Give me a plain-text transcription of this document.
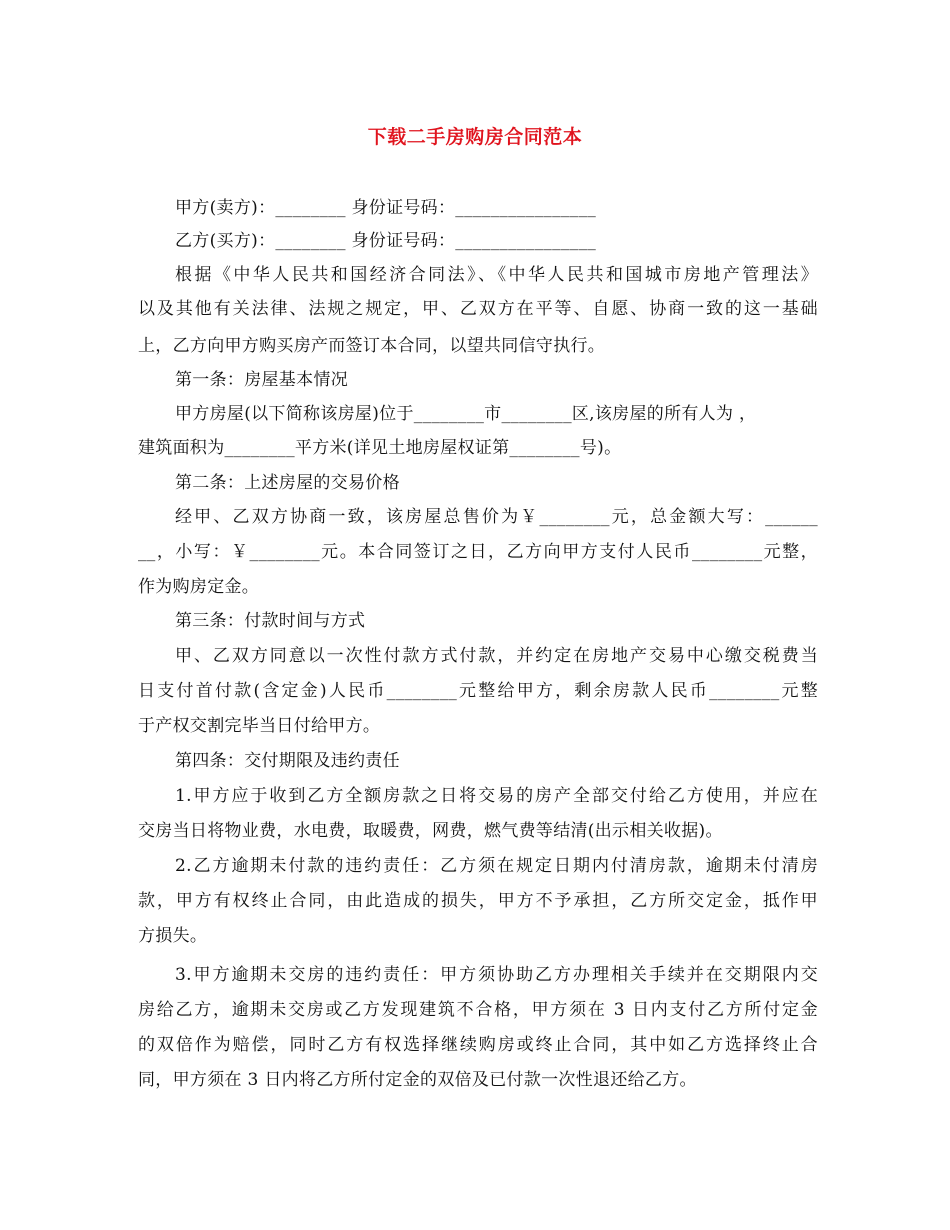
下载二手房购房合同范本
甲方(卖方)：________ 身份证号码：________________
乙方(买方)：________ 身份证号码：________________
根据《中华人民共和国经济合同法》、《中华人民共和国城市房地产管理法》
以及其他有关法律、法规之规定，甲、乙双方在平等、自愿、协商一致的这一基础
上，乙方向甲方购买房产而签订本合同，以望共同信守执行。
第一条：房屋基本情况
甲方房屋(以下简称该房屋)位于________市________区,该房屋的所有人为 ，
建筑面积为________平方米(详见土地房屋权证第________号)。
第二条：上述房屋的交易价格
经甲、乙双方协商一致，该房屋总售价为￥________元，总金额大写：______
__，小写：￥________元。本合同签订之日，乙方向甲方支付人民币________元整，
作为购房定金。
第三条：付款时间与方式
甲、乙双方同意以一次性付款方式付款，并约定在房地产交易中心缴交税费当
日支付首付款(含定金)人民币________元整给甲方，剩余房款人民币________元整
于产权交割完毕当日付给甲方。
第四条：交付期限及违约责任
1.甲方应于收到乙方全额房款之日将交易的房产全部交付给乙方使用，并应在
交房当日将物业费，水电费，取暖费，网费，燃气费等结清(出示相关收据)。
2.乙方逾期未付款的违约责任：乙方须在规定日期内付清房款，逾期未付清房
款，甲方有权终止合同，由此造成的损失，甲方不予承担，乙方所交定金，抵作甲
方损失。
3.甲方逾期未交房的违约责任：甲方须协助乙方办理相关手续并在交期限内交
房给乙方，逾期未交房或乙方发现建筑不合格，甲方须在 3 日内支付乙方所付定金
的双倍作为赔偿，同时乙方有权选择继续购房或终止合同，其中如乙方选择终止合
同，甲方须在 3 日内将乙方所付定金的双倍及已付款一次性退还给乙方。
